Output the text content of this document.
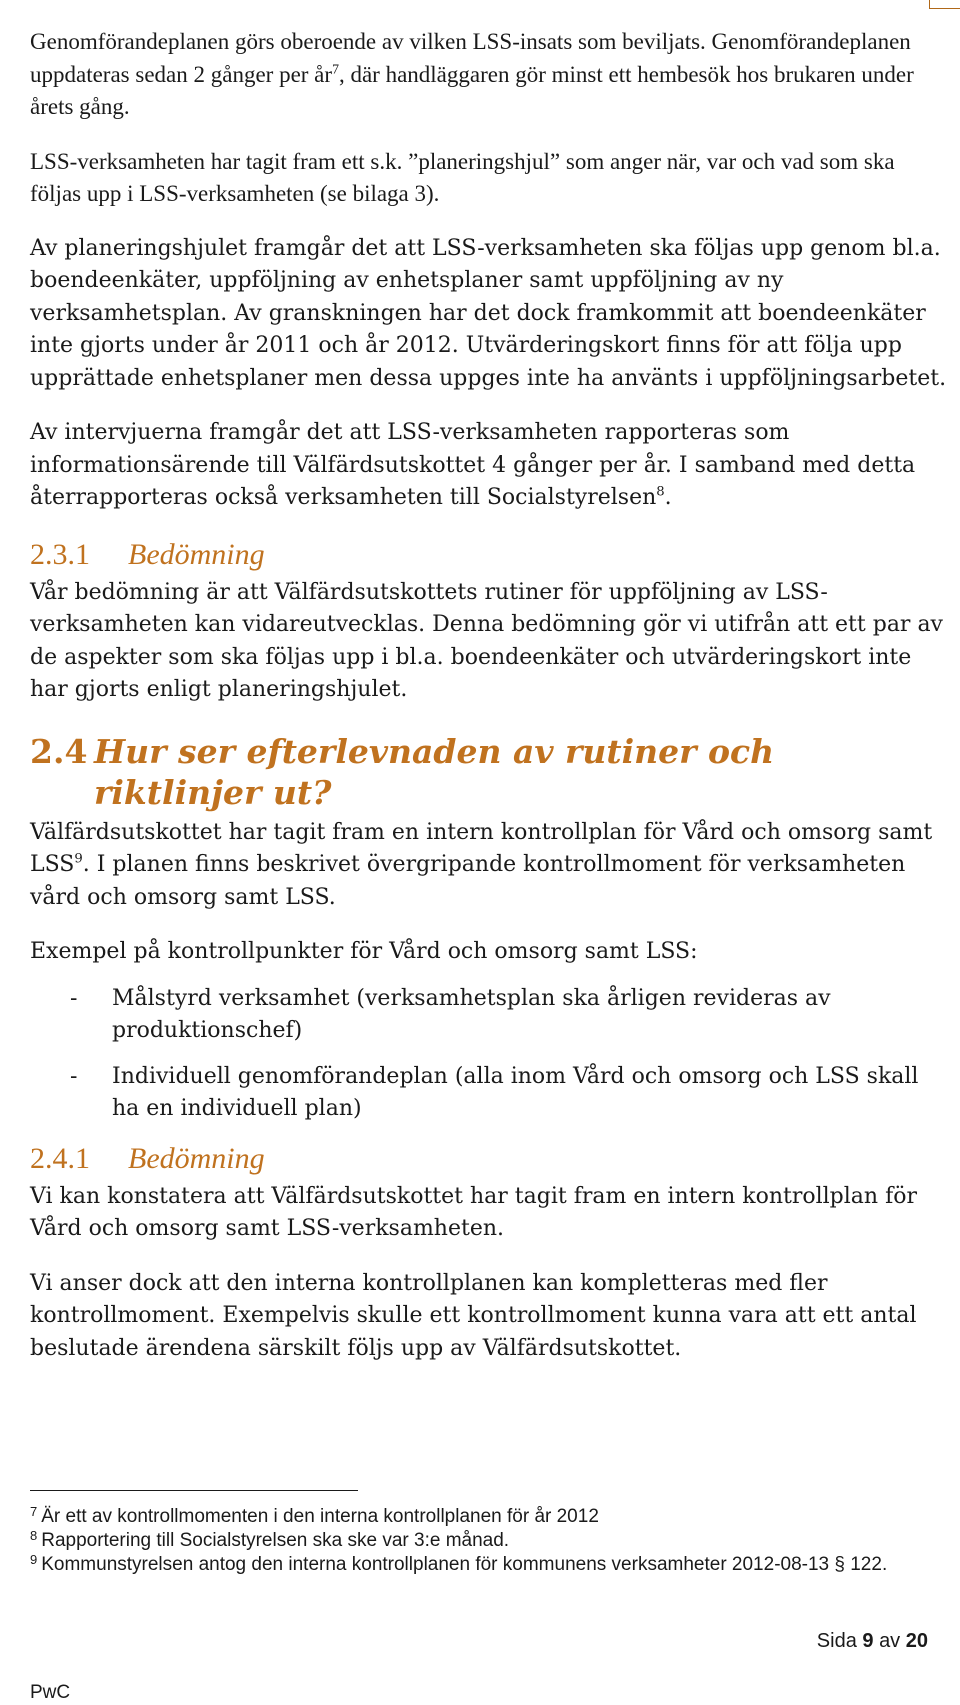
Genomförandeplanen görs oberoende av vilken LSS-insats som beviljats. Genomförandeplanen uppdateras sedan 2 gånger per $år^7$, där handläggaren gör minst ett hembesök hos brukaren under årets gång.

LSS-verksamheten har tagit fram ett s.k. ”planeringshjul” som anger när, var och vad som ska följas upp i LSS-verksamheten (se bilaga 3).

Av planeringshjulet framgår det att LSS-verksamheten ska följas upp genom bl.a. boendeenkäter, uppföljning av enhetsplaner samt uppföljning av ny verksamhetsplan. Av granskningen har det dock framkommit att boendeenkäter inte gjorts under år 2011 och år 2012. Utvärderingskort finns för att följa upp upprättade enhetsplaner men dessa uppges inte ha använts i uppföljningsarbetet.

Av intervjuerna framgår det att LSS-verksamheten rapporteras som informationsärende till Välfärdsutskottet 4 gånger per år. I samband med detta återrapporteras också verksamheten till Socialstyrelsen$^8$.

2.3.1 Bedömning

Vår bedömning är att Välfärdsutskottets rutiner för uppföljning av LSS-verksamheten kan vidareutvecklas. Denna bedömning gör vi utifrån att ett par av de aspekter som ska följas upp i bl.a. boendeenkäter och utvärderingskort inte har gjorts enligt planeringshjulet.

2.4 Hur ser efterlevnaden av rutiner och riktlinjer ut?

Välfärdsutskottet har tagit fram en intern kontrollplan för Vård och omsorg samt LSS$^9$. I planen finns beskrivet övergripande kontrollmoment för verksamheten vård och omsorg samt LSS.

Exempel på kontrollpunkter för Vård och omsorg samt LSS:

- Målstyrd verksamhet (verksamhetsplan ska årligen revideras av produktionschef)
- Individuell genomförandeplan (alla inom Vård och omsorg och LSS skall ha en individuell plan)
2.4.1 Bedömning

Vi kan konstatera att Välfärdsutskottet har tagit fram en intern kontrollplan för Vård och omsorg samt LSS-verksamheten.

Vi anser dock att den interna kontrollplanen kan kompletteras med fler kontrollmoment. Exempelvis skulle ett kontrollmoment kunna vara att ett antal beslutade ärendena särskilt följs upp av Välfärdsutskottet.

$^7$ Är ett av kontrollmomenten i den interna kontrollplanen för år 2012

$^8$ Rapportering till Socialstyrelsen ska ske var 3:e månad.

$^9$ Kommunstyrelsen antog den interna kontrollplanen för kommunens verksamheter 2012-08-13 § 122.

Sida 9 av 20
PwC
